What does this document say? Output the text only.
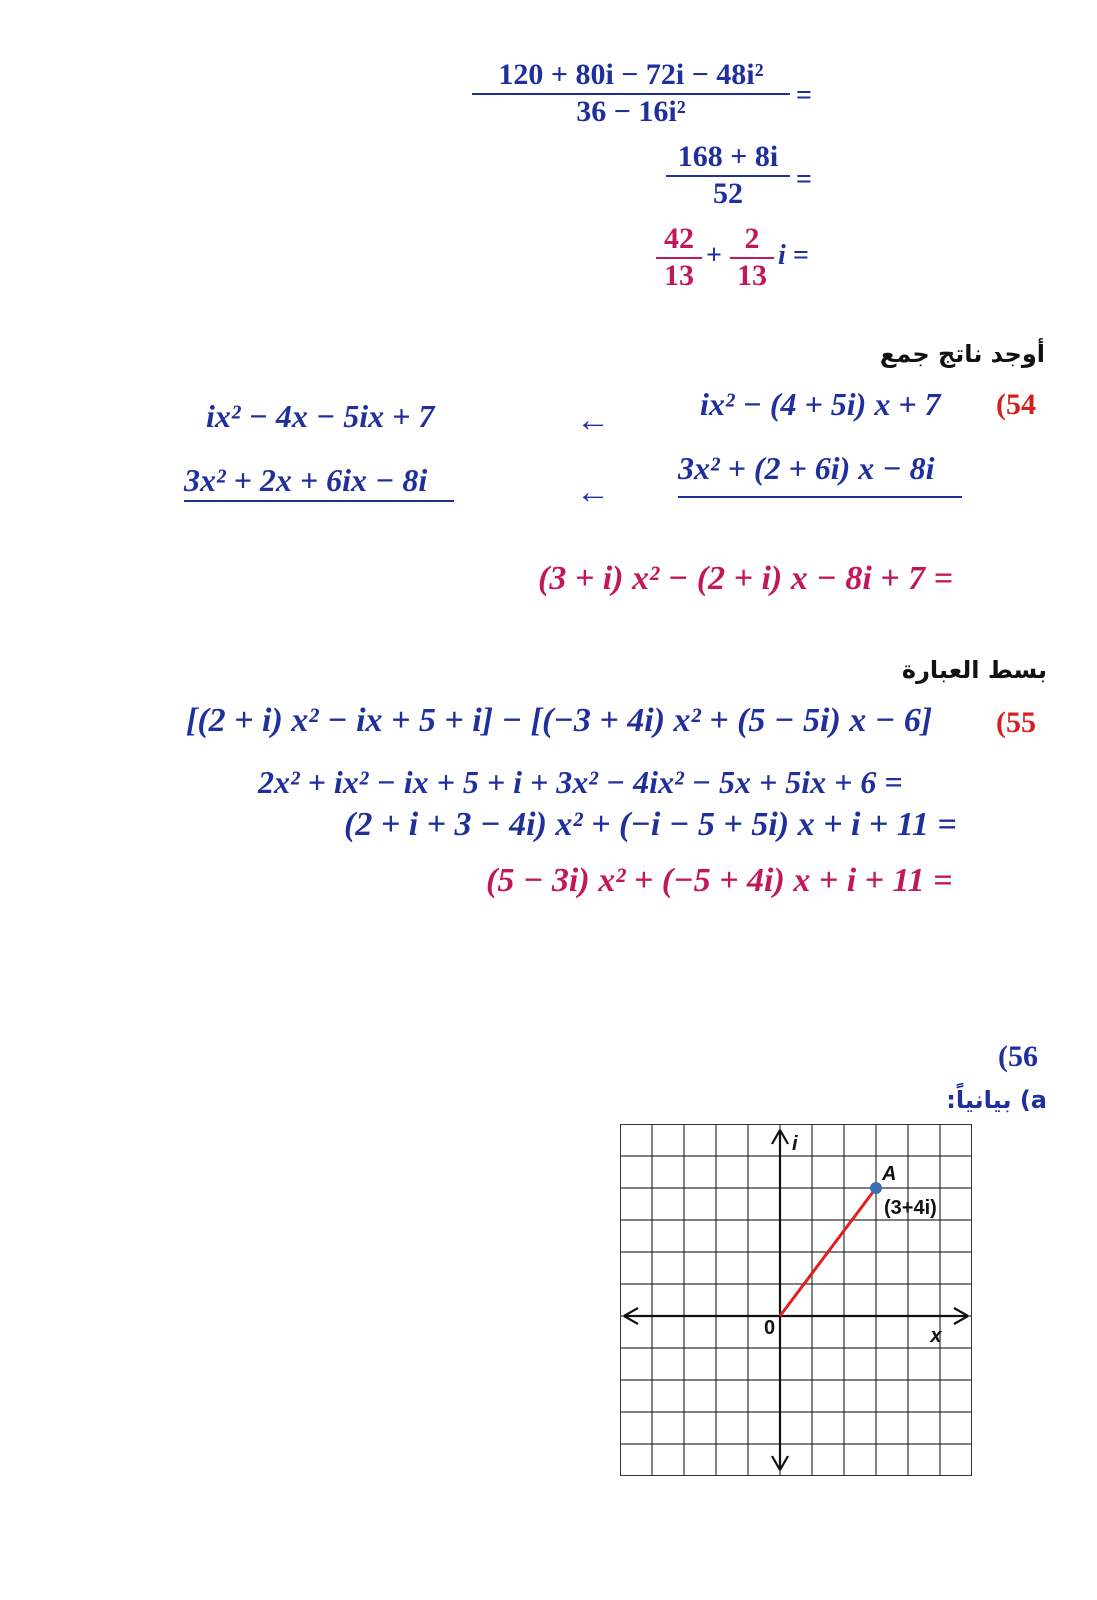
$\frac{\text{120 + 80i − 72i − 48i²}}{\text{36 − 16i²}}$ =
$\frac{168 + 8i}{52}$ =
$\frac{42}{13} + \frac{2}{13}$ i =
أوجد ناتج جمع
(54
ix² − (4 + 5i) x + 7
3x² + (2 + 6i) x − 8i
←
←
ix² − 4x − 5ix + 7
3x² + 2x + 6ix − 8i
(3 + i) x² − (2 + i) x − 8i + 7 =
بسط العبارة
(55
[(2 + i) x² − ix + 5 + i] − [(−3 + 4i) x² + (5 − 5i) x − 6]
2x² + ix² − ix + 5 + i + 3x² − 4ix² − 5x + 5ix + 6 =
(2 + i + 3 − 4i) x² + (−i − 5 + 5i) x + i + 11 =
(5 − 3i) x² + (−5 + 4i) x + i + 11 =
(56
a) بيانياً:
i
x
0
A
(3+4i)
